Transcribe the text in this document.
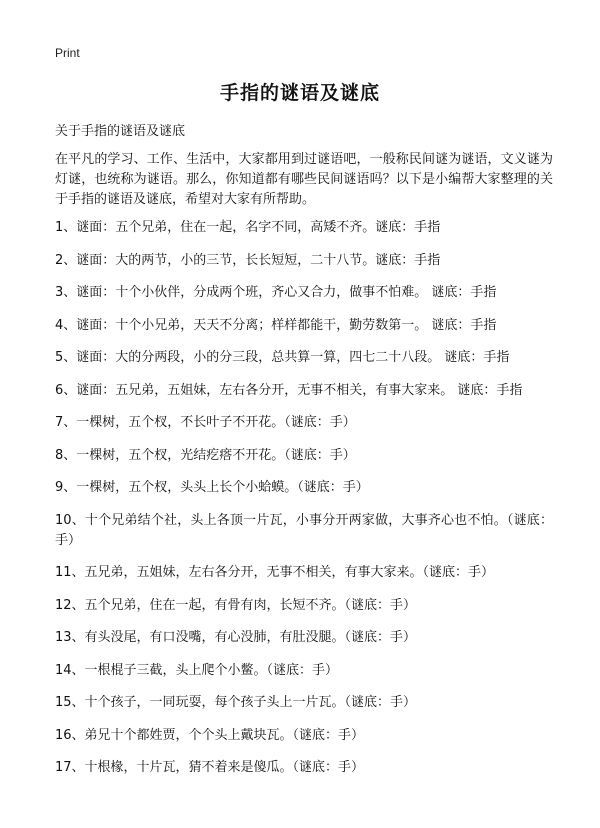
Print
手指的谜语及谜底
关于手指的谜语及谜底
在平凡的学习、工作、生活中，大家都用到过谜语吧，一般称民间谜为谜语，文义谜为灯谜，也统称为谜语。那么，你知道都有哪些民间谜语吗？以下是小编帮大家整理的关于手指的谜语及谜底，希望对大家有所帮助。
1、谜面：五个兄弟，住在一起，名字不同，高矮不齐。谜底：手指
2、谜面：大的两节，小的三节，长长短短，二十八节。谜底：手指
3、谜面：十个小伙伴，分成两个班，齐心又合力，做事不怕难。 谜底：手指
4、谜面：十个小兄弟，天天不分离；样样都能干，勤劳数第一。 谜底：手指
5、谜面：大的分两段，小的分三段，总共算一算，四七二十八段。 谜底：手指
6、谜面：五兄弟，五姐妹，左右各分开，无事不相关，有事大家来。 谜底：手指
7、一棵树，五个杈，不长叶子不开花。（谜底：手）
8、一棵树，五个杈，光结疙瘩不开花。（谜底：手）
9、一棵树，五个杈，头头上长个小蛤蟆。（谜底：手）
10、十个兄弟结个社，头上各顶一片瓦，小事分开两家做，大事齐心也不怕。（谜底：手）
11、五兄弟，五姐妹，左右各分开，无事不相关，有事大家来。（谜底：手）
12、五个兄弟，住在一起，有骨有肉，长短不齐。（谜底：手）
13、有头没尾，有口没嘴，有心没肺，有肚没腿。（谜底：手）
14、一根棍子三截，头上爬个小鳖。（谜底：手）
15、十个孩子，一同玩耍，每个孩子头上一片瓦。（谜底：手）
16、弟兄十个都姓贾，个个头上戴块瓦。（谜底：手）
17、十根椽，十片瓦，猜不着来是傻瓜。（谜底：手）
